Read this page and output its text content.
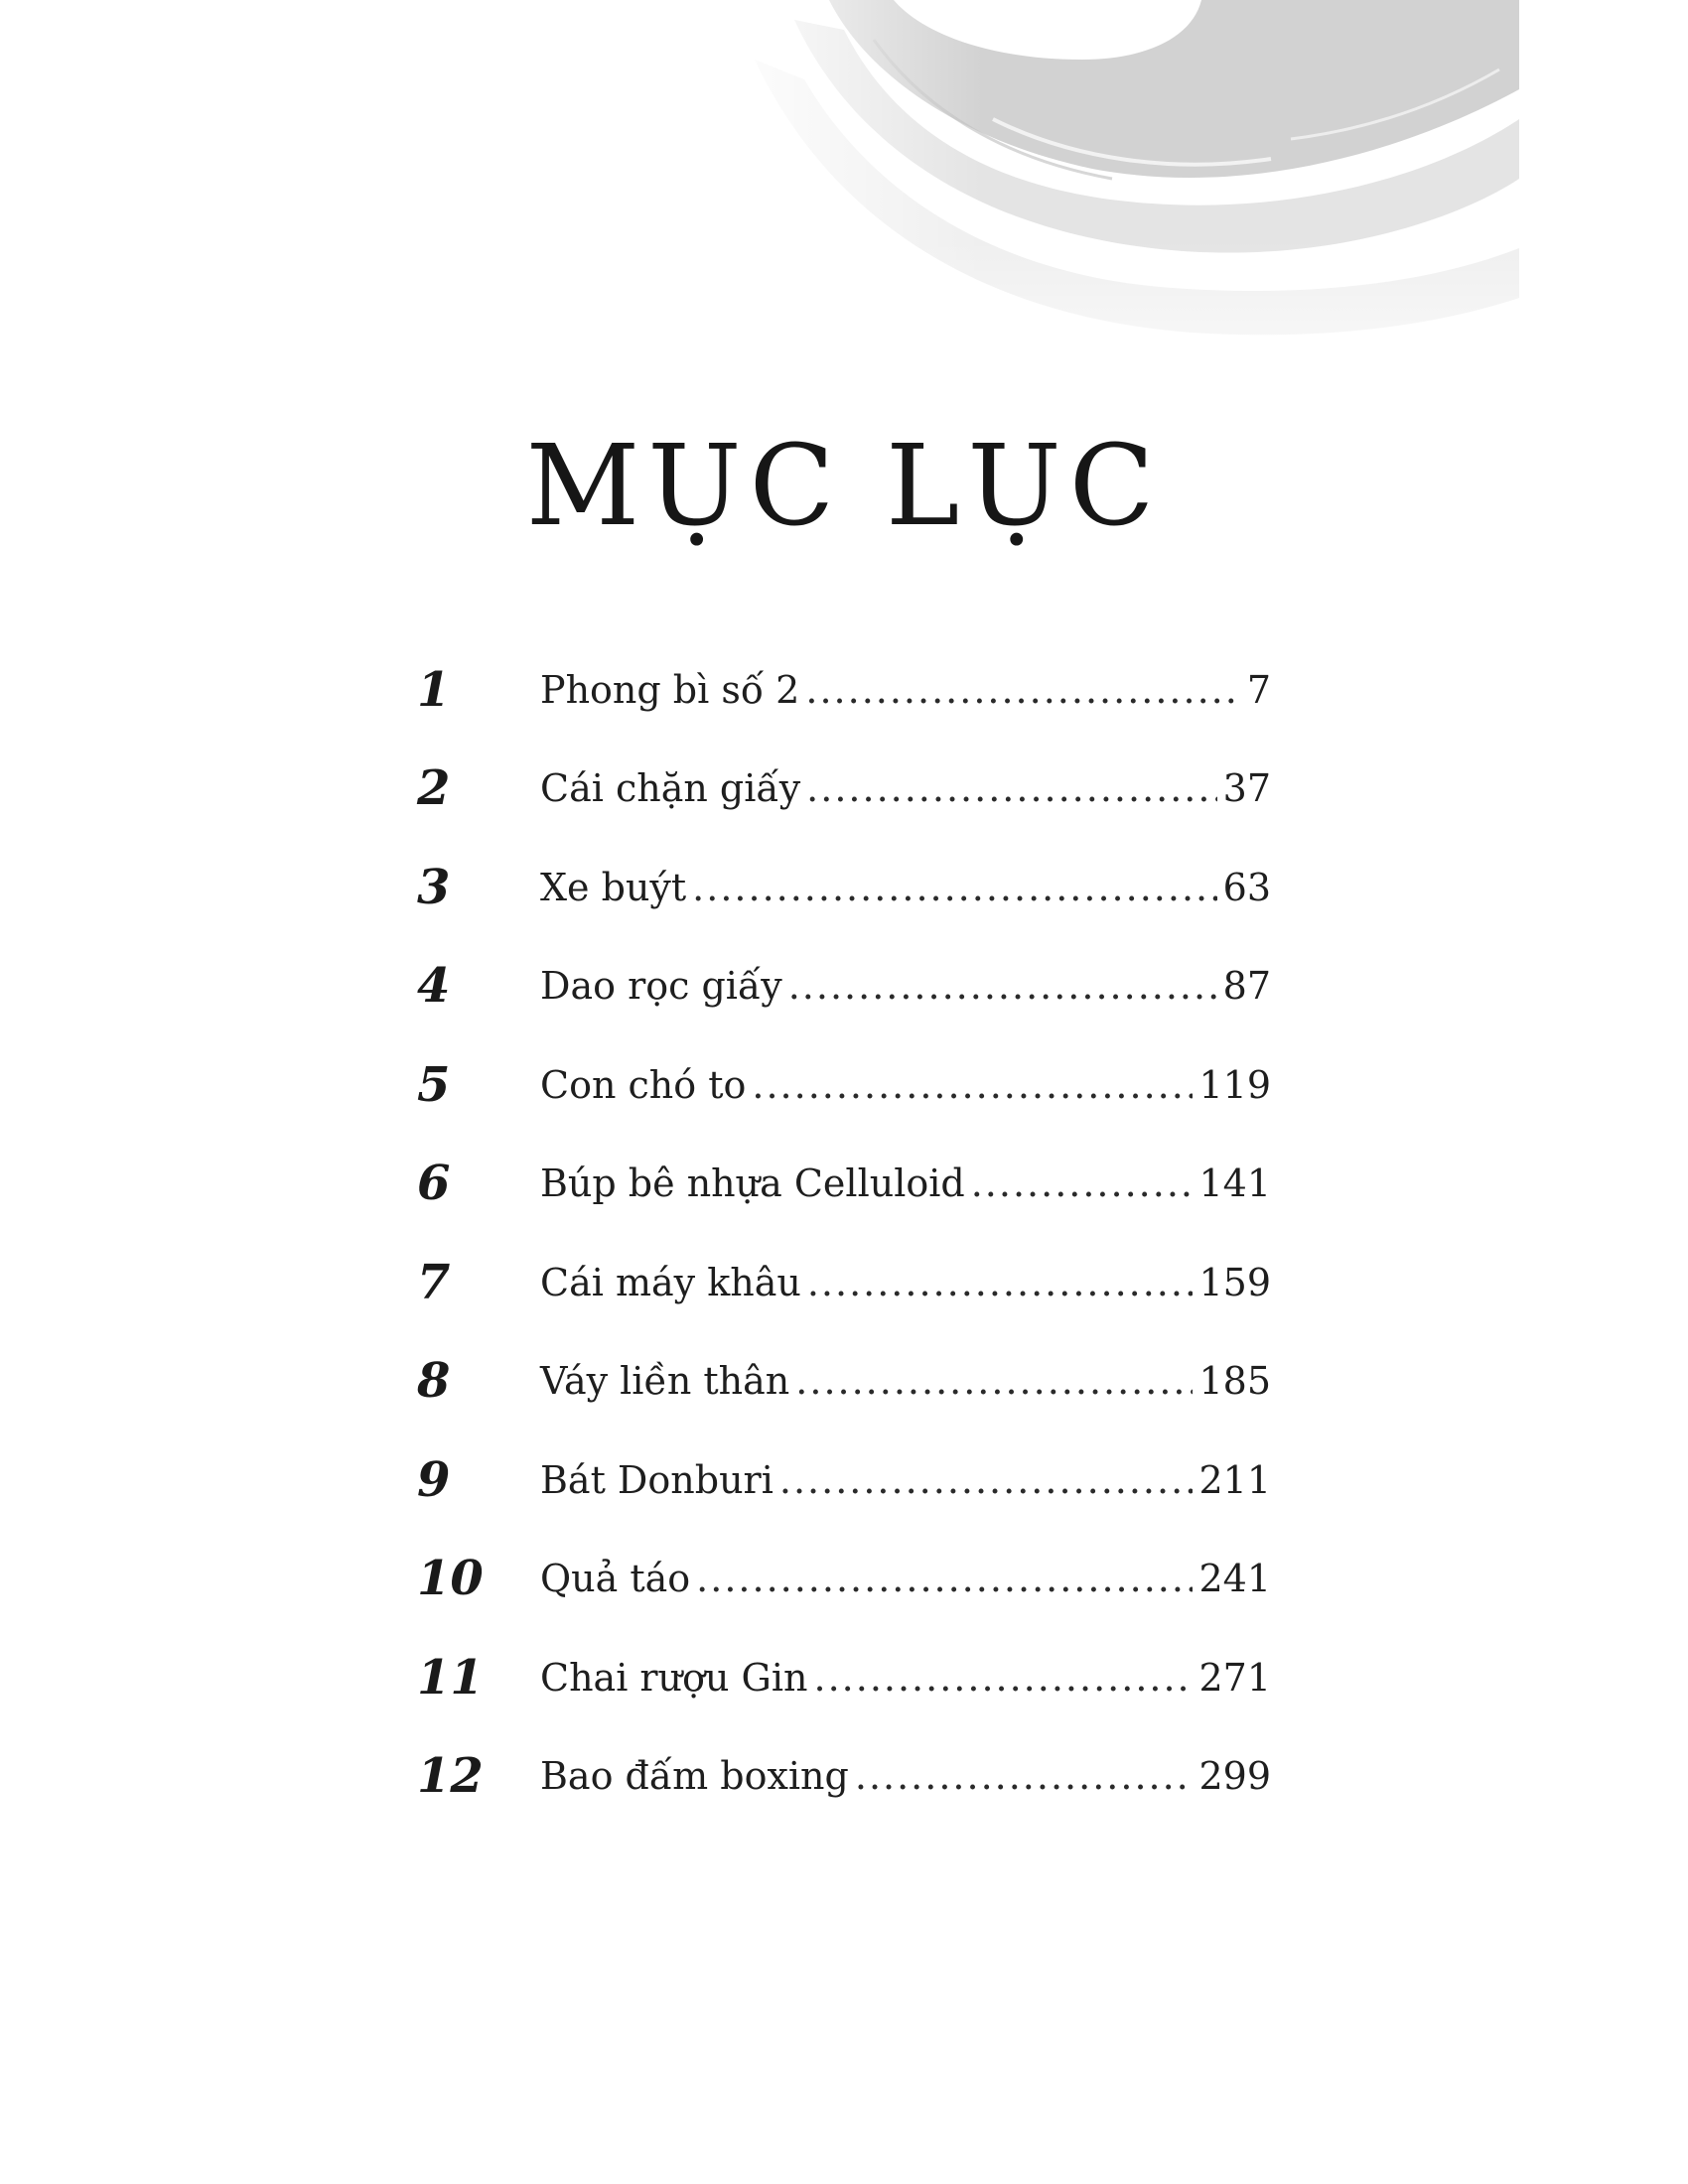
MỤC LỤC
1	Phong bì số 2 .....	7
2	Cái chặn giấy .....	37
3	Xe buýt .....	63
4	Dao rọc giấy .....	87
5	Con chó to .....	119
6	Búp bê nhựa Celluloid .....	141
7	Cái máy khâu .....	159
8	Váy liền thân .....	185
9	Bát Donburi .....	211
10	Quả táo .....	241
11	Chai rượu Gin .....	271
12	Bao đấm boxing .....	299
